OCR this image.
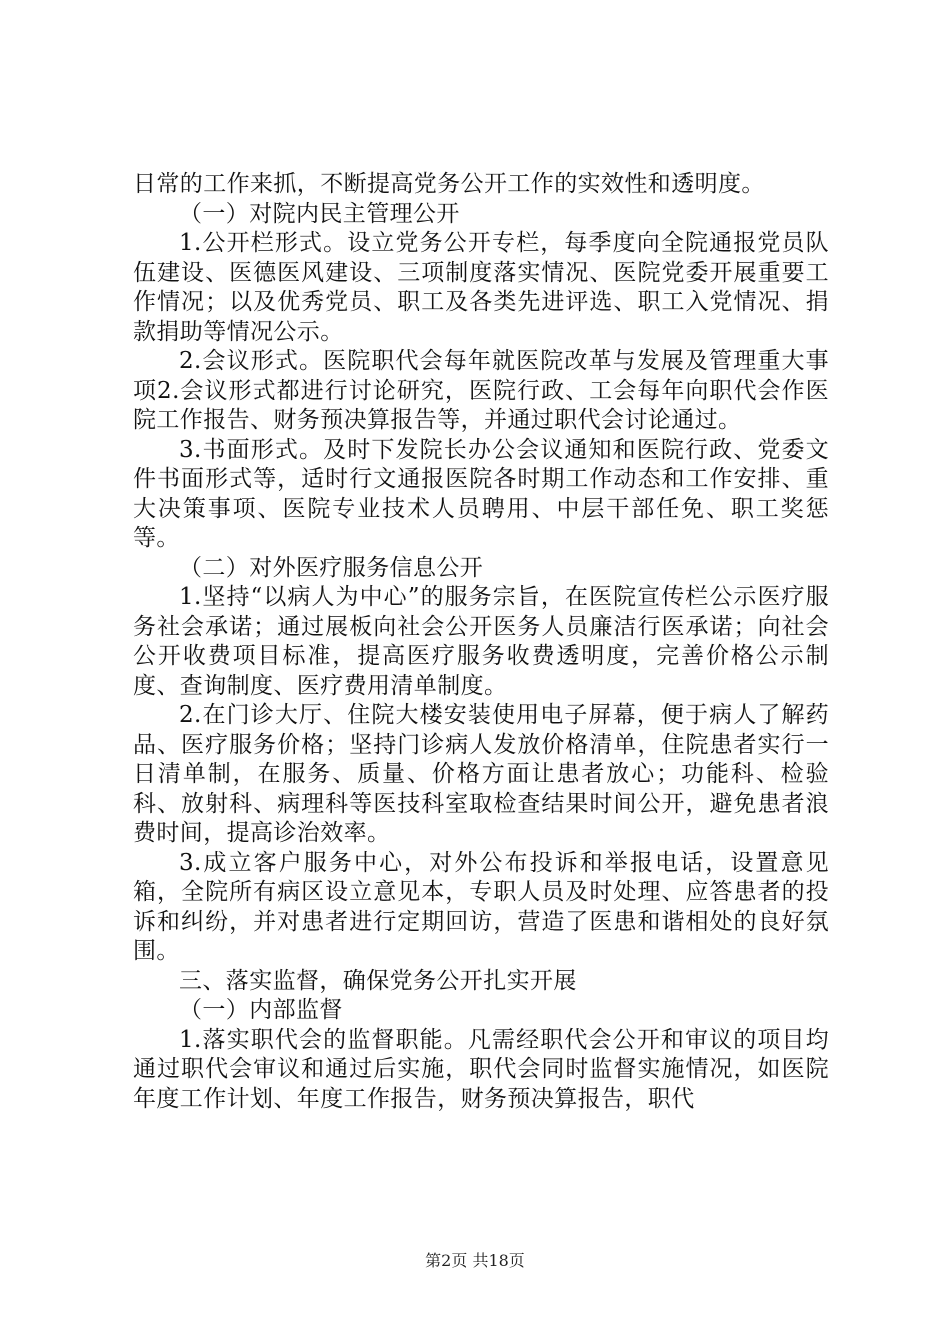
日常的工作来抓，不断提高党务公开工作的实效性和透明度。

（一）对院内民主管理公开

1.公开栏形式。设立党务公开专栏，每季度向全院通报党员队伍建设、医德医风建设、三项制度落实情况、医院党委开展重要工作情况；以及优秀党员、职工及各类先进评选、职工入党情况、捐款捐助等情况公示。

2.会议形式。医院职代会每年就医院改革与发展及管理重大事项2.会议形式都进行讨论研究，医院行政、工会每年向职代会作医院工作报告、财务预决算报告等，并通过职代会讨论通过。

3.书面形式。及时下发院长办公会议通知和医院行政、党委文件书面形式等，适时行文通报医院各时期工作动态和工作安排、重大决策事项、医院专业技术人员聘用、中层干部任免、职工奖惩等。

（二）对外医疗服务信息公开

1.坚持“以病人为中心”的服务宗旨，在医院宣传栏公示医疗服务社会承诺；通过展板向社会公开医务人员廉洁行医承诺；向社会公开收费项目标准，提高医疗服务收费透明度，完善价格公示制度、查询制度、医疗费用清单制度。

2.在门诊大厅、住院大楼安装使用电子屏幕，便于病人了解药品、医疗服务价格；坚持门诊病人发放价格清单，住院患者实行一日清单制，在服务、质量、价格方面让患者放心；功能科、检验科、放射科、病理科等医技科室取检查结果时间公开，避免患者浪费时间，提高诊治效率。

3.成立客户服务中心，对外公布投诉和举报电话，设置意见箱，全院所有病区设立意见本，专职人员及时处理、应答患者的投诉和纠纷，并对患者进行定期回访，营造了医患和谐相处的良好氛围。

三、落实监督，确保党务公开扎实开展

（一）内部监督

1.落实职代会的监督职能。凡需经职代会公开和审议的项目均通过职代会审议和通过后实施，职代会同时监督实施情况，如医院年度工作计划、年度工作报告，财务预决算报告，职代

第2页 共18页
